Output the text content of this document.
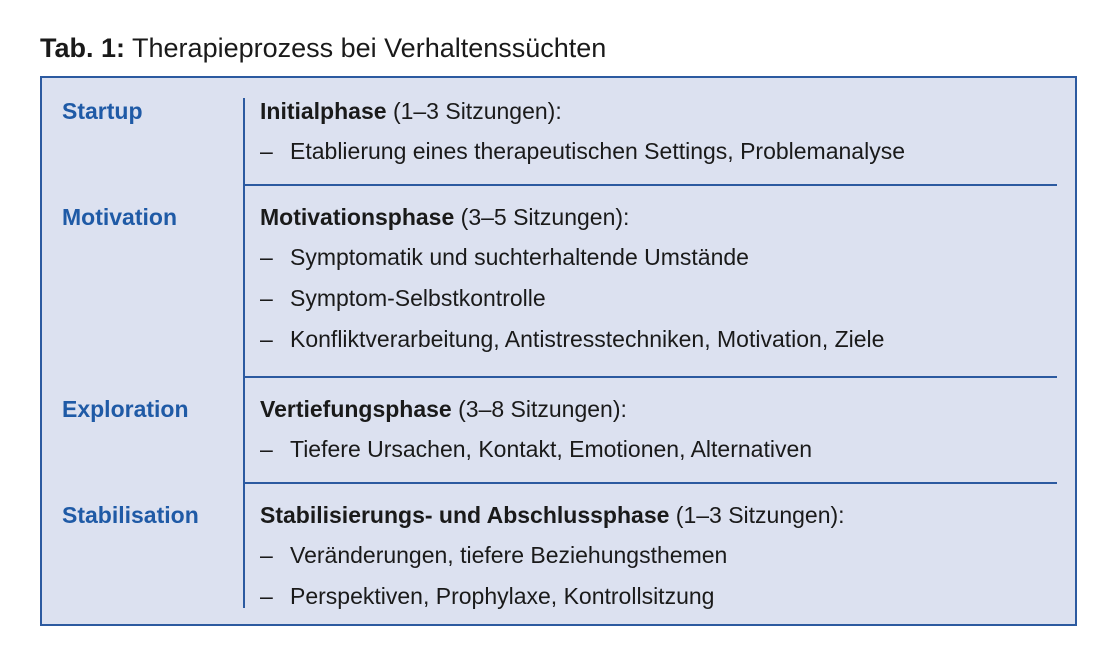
Tab. 1: Therapieprozess bei Verhaltenssüchten
Startup	Initialphase (1–3 Sitzungen):
– Etablierung eines therapeutischen Settings, Problemanalyse
Motivation	Motivationsphase (3–5 Sitzungen):
– Symptomatik und suchterhaltende Umstände
– Symptom-Selbstkontrolle
– Konfliktverarbeitung, Antistresstechniken, Motivation, Ziele
Exploration	Vertiefungsphase (3–8 Sitzungen):
– Tiefere Ursachen, Kontakt, Emotionen, Alternativen
Stabilisation	Stabilisierungs- und Abschlussphase (1–3 Sitzungen):
– Veränderungen, tiefere Beziehungsthemen
– Perspektiven, Prophylaxe, Kontrollsitzung
